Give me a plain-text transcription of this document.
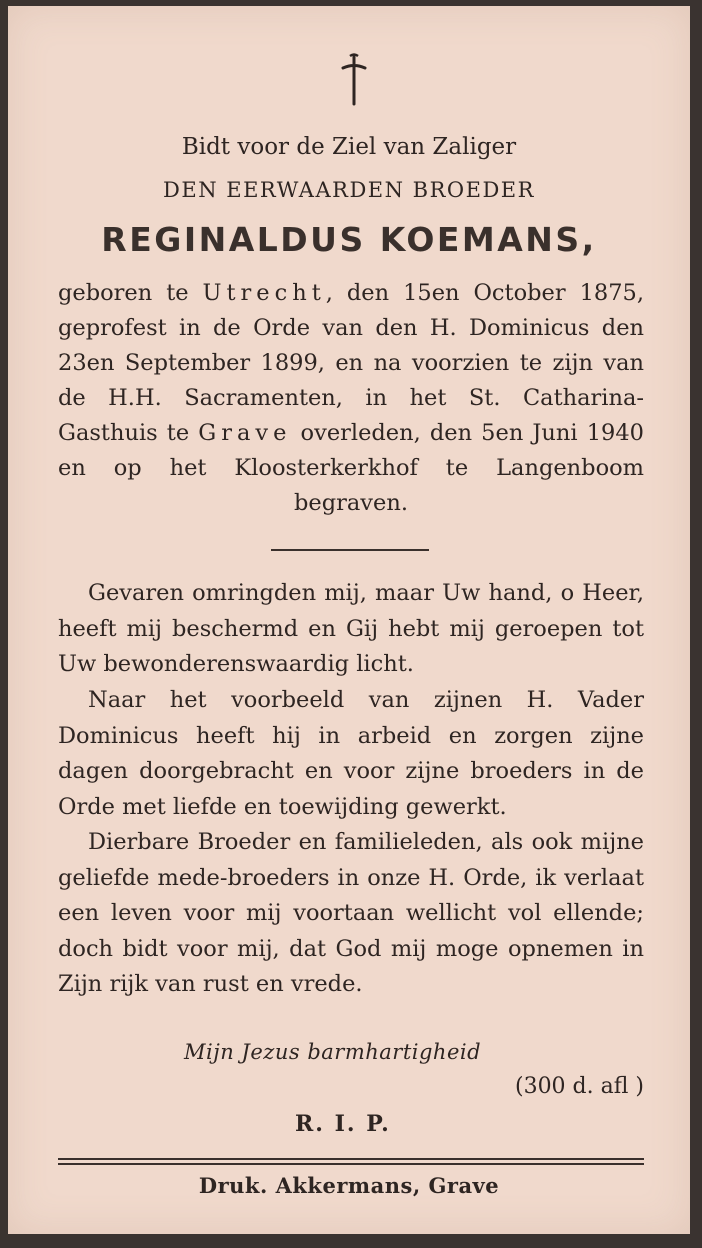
Bidt voor de Ziel van Zaliger
DEN EERWAARDEN BROEDER
REGINALDUS KOEMANS,
geboren te Utrecht, den 15en October 1875, geprofest in de Orde van den H. Dominicus den 23en September 1899, en na voorzien te zijn van de H.H. Sacramenten, in het St. Catharina-Gasthuis te Grave overleden, den 5en Juni 1940 en op het Kloosterkerkhof te Langenboom begraven.
Gevaren omringden mij, maar Uw hand, o Heer, heeft mij beschermd en Gij hebt mij geroepen tot Uw bewonderenswaardig licht.
Naar het voorbeeld van zijnen H. Vader Dominicus heeft hij in arbeid en zorgen zijne dagen doorgebracht en voor zijne broeders in de Orde met liefde en toewijding gewerkt.
Dierbare Broeder en familieleden, als ook mijne geliefde mede-broeders in onze H. Orde, ik verlaat een leven voor mij voortaan wellicht vol ellende; doch bidt voor mij, dat God mij moge opnemen in Zijn rijk van rust en vrede.
Mijn Jezus barmhartigheid
(300 d. afl )
R. I. P.
Druk. Akkermans, Grave
